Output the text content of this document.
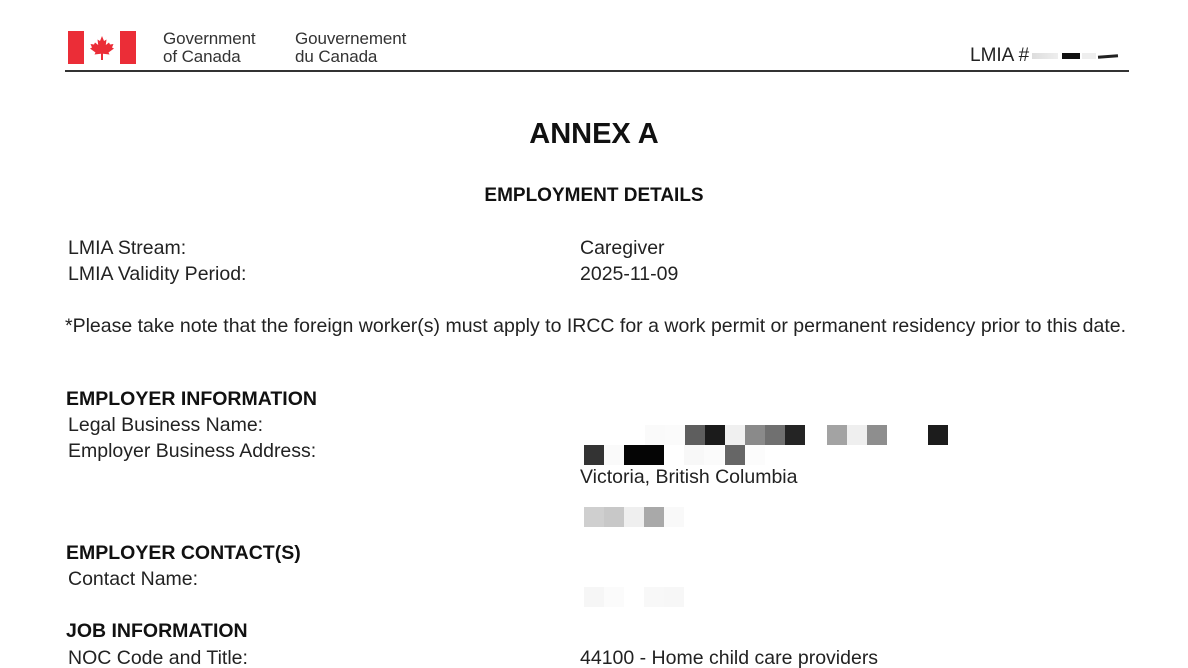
Government
of Canada
Gouvernement
du Canada	LMIA #
ANNEX A
EMPLOYMENT DETAILS
LMIA Stream:	Caregiver
LMIA Validity Period:	2025-11-09
*Please take note that the foreign worker(s) must apply to IRCC for a work permit or permanent residency prior to this date.
EMPLOYER INFORMATION
Legal Business Name:
Employer Business Address:
Victoria, British Columbia
EMPLOYER CONTACT(S)
Contact Name:
JOB INFORMATION
NOC Code and Title:	44100 - Home child care providers
